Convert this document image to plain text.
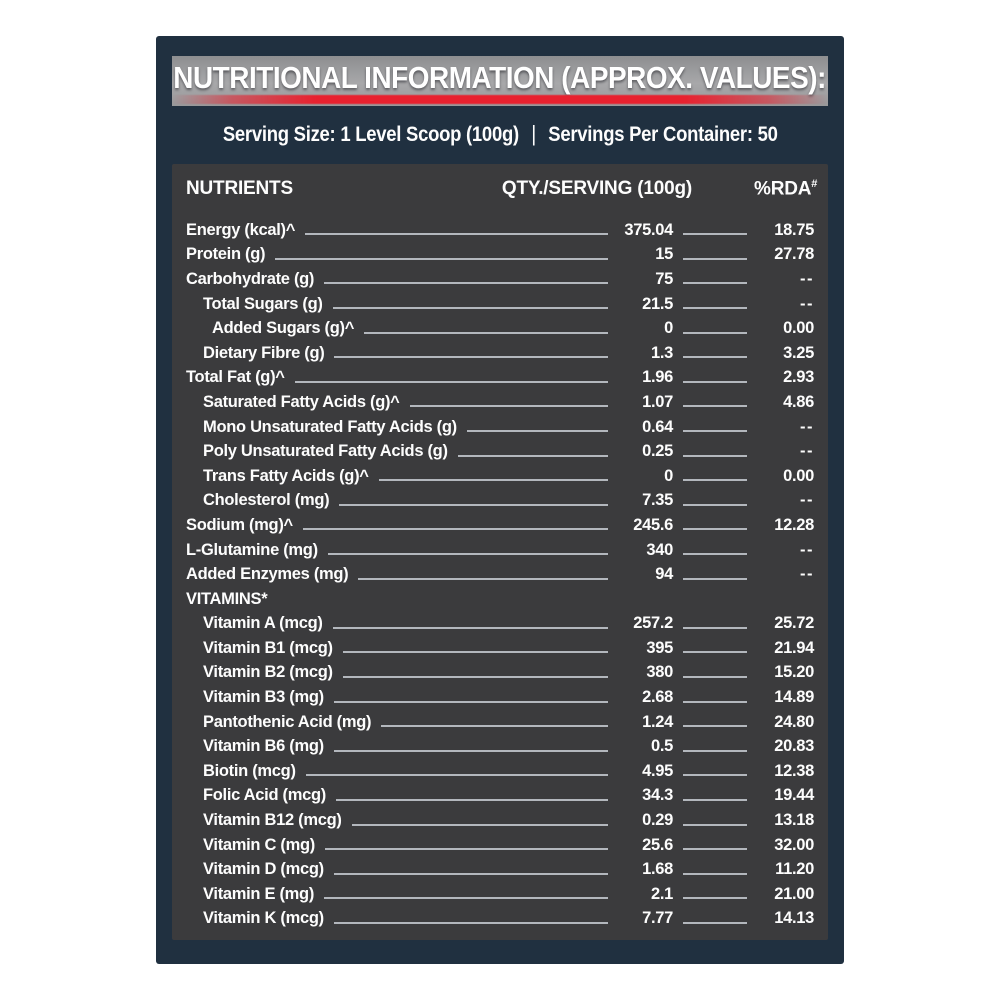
NUTRITIONAL INFORMATION (APPROX. VALUES):
Serving Size: 1 Level Scoop (100g) | Servings Per Container: 50
NUTRIENTS	QTY./SERVING (100g)	%RDA#
Energy (kcal)^	375.04	18.75
Protein (g)	15	27.78
Carbohydrate (g)	75	--
Total Sugars (g)	21.5	--
Added Sugars (g)^	0	0.00
Dietary Fibre (g)	1.3	3.25
Total Fat (g)^	1.96	2.93
Saturated Fatty Acids (g)^	1.07	4.86
Mono Unsaturated Fatty Acids (g)	0.64	--
Poly Unsaturated Fatty Acids (g)	0.25	--
Trans Fatty Acids (g)^	0	0.00
Cholesterol (mg)	7.35	--
Sodium (mg)^	245.6	12.28
L-Glutamine (mg)	340	--
Added Enzymes (mg)	94	--
VITAMINS*
Vitamin A (mcg)	257.2	25.72
Vitamin B1 (mcg)	395	21.94
Vitamin B2 (mcg)	380	15.20
Vitamin B3 (mg)	2.68	14.89
Pantothenic Acid (mg)	1.24	24.80
Vitamin B6 (mg)	0.5	20.83
Biotin (mcg)	4.95	12.38
Folic Acid (mcg)	34.3	19.44
Vitamin B12 (mcg)	0.29	13.18
Vitamin C (mg)	25.6	32.00
Vitamin D (mcg)	1.68	11.20
Vitamin E (mg)	2.1	21.00
Vitamin K (mcg)	7.77	14.13
